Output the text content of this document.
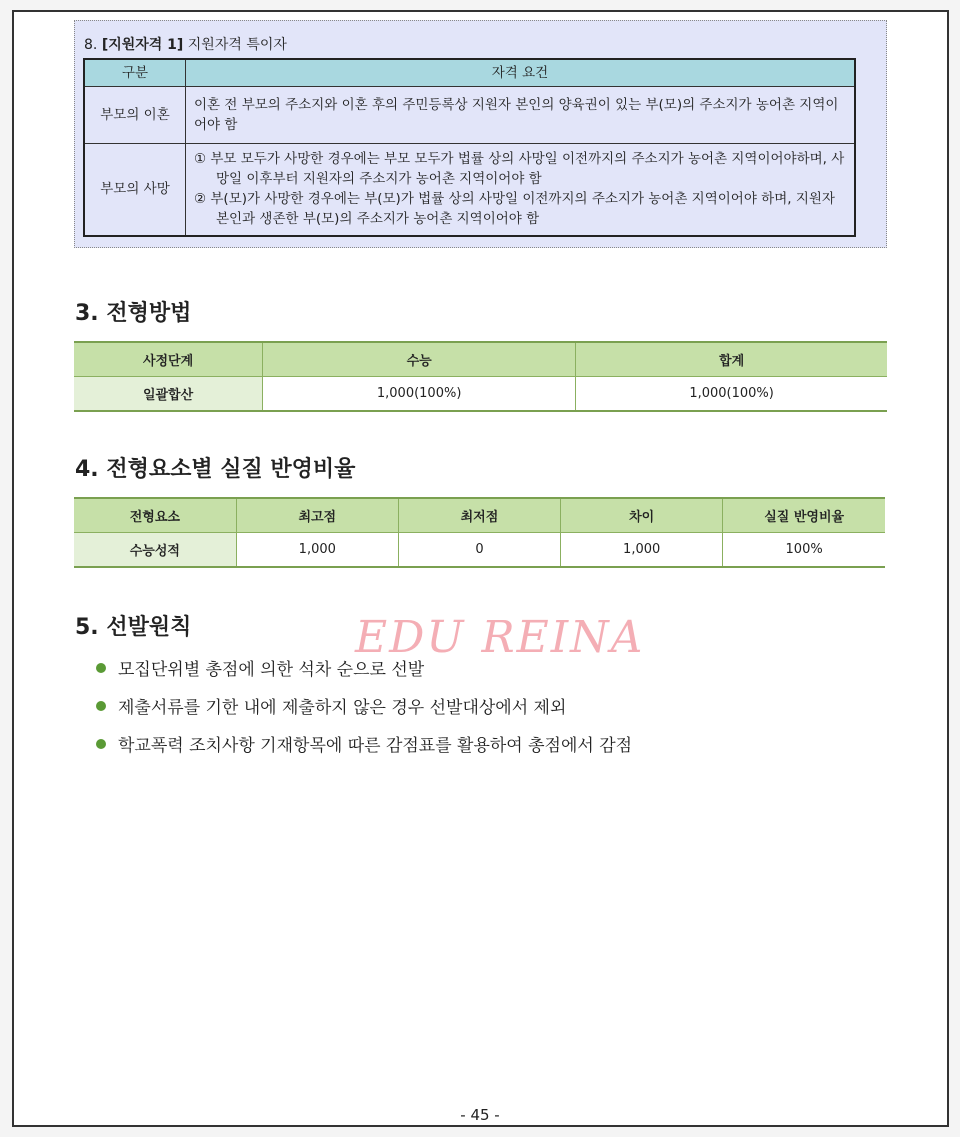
8. [지원자격 1] 지원자격 특이자
구분	자격 요건
부모의 이혼	이혼 전 부모의 주소지와 이혼 후의 주민등록상 지원자 본인의 양육권이 있는 부(모)의 주소지가 농어촌 지역이어야 함
부모의 사망	① 부모 모두가 사망한 경우에는 부모 모두가 법률 상의 사망일 이전까지의 주소지가 농어촌 지역이어야하며, 사망일 이후부터 지원자의 주소지가 농어촌 지역이어야 함
② 부(모)가 사망한 경우에는 부(모)가 법률 상의 사망일 이전까지의 주소지가 농어촌 지역이어야 하며, 지원자 본인과 생존한 부(모)의 주소지가 농어촌 지역이어야 함
3. 전형방법
사정단계	수능	합계
일괄합산	1,000(100%)	1,000(100%)
4. 전형요소별 실질 반영비율
전형요소	최고점	최저점	차이	실질 반영비율
수능성적	1,000	0	1,000	100%
5. 선발원칙
모집단위별 총점에 의한 석차 순으로 선발
제출서류를 기한 내에 제출하지 않은 경우 선발대상에서 제외
학교폭력 조치사항 기재항목에 따른 감점표를 활용하여 총점에서 감점
EDU REINA
- 45 -
